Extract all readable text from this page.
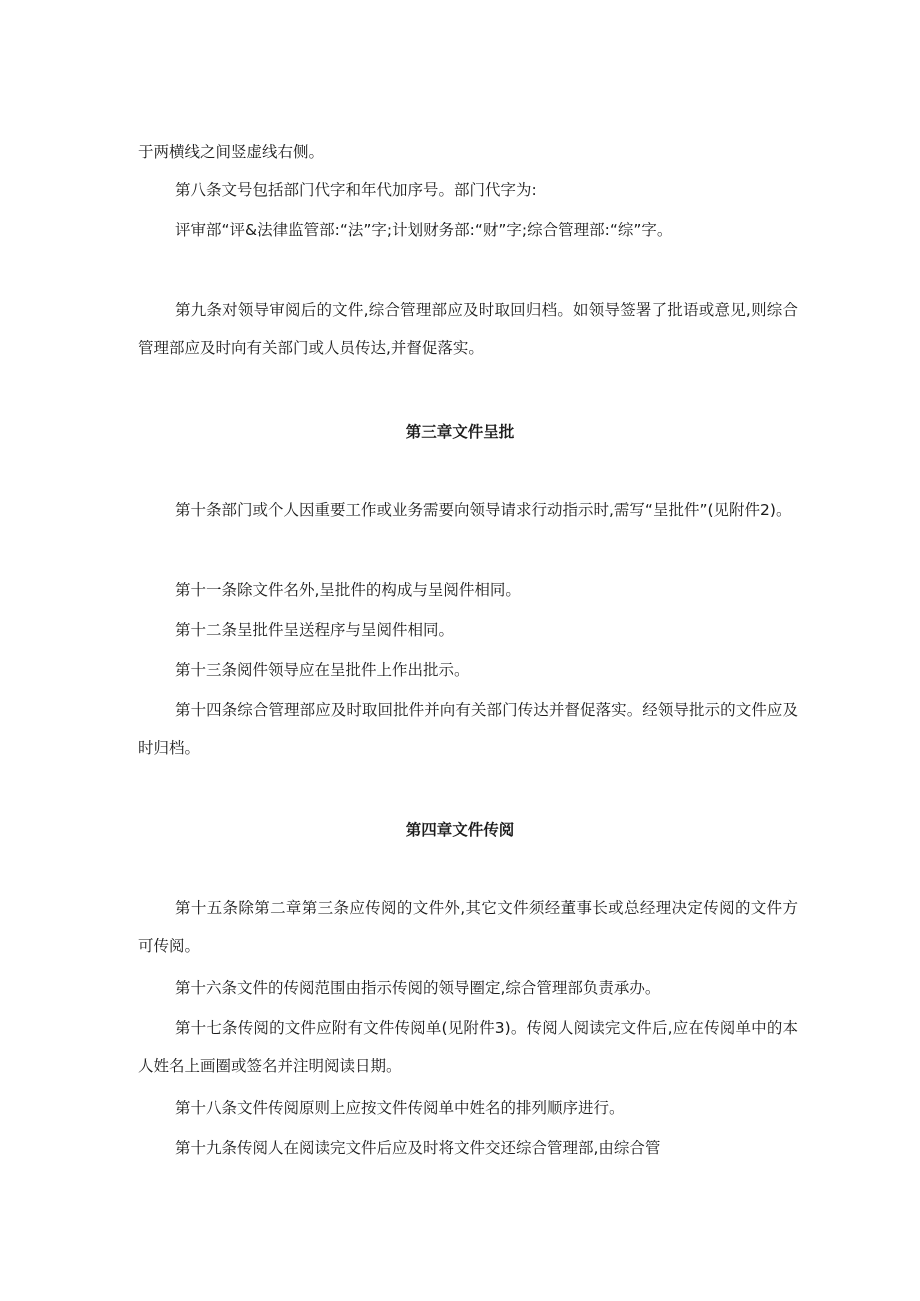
于两横线之间竖虚线右侧。
第八条文号包括部门代字和年代加序号。部门代字为:
评审部“评&法律监管部:“法”字;计划财务部:“财”字;综合管理部:“综”字。
第九条对领导审阅后的文件,综合管理部应及时取回归档。如领导签署了批语或意见,则综合管理部应及时向有关部门或人员传达,并督促落实。
第三章文件呈批
第十条部门或个人因重要工作或业务需要向领导请求行动指示时,需写“呈批件”(见附件2)。
第十一条除文件名外,呈批件的构成与呈阅件相同。
第十二条呈批件呈送程序与呈阅件相同。
第十三条阅件领导应在呈批件上作出批示。
第十四条综合管理部应及时取回批件并向有关部门传达并督促落实。经领导批示的文件应及时归档。
第四章文件传阅
第十五条除第二章第三条应传阅的文件外,其它文件须经董事长或总经理决定传阅的文件方可传阅。
第十六条文件的传阅范围由指示传阅的领导圈定,综合管理部负责承办。
第十七条传阅的文件应附有文件传阅单(见附件3)。传阅人阅读完文件后,应在传阅单中的本人姓名上画圈或签名并注明阅读日期。
第十八条文件传阅原则上应按文件传阅单中姓名的排列顺序进行。
第十九条传阅人在阅读完文件后应及时将文件交还综合管理部,由综合管
